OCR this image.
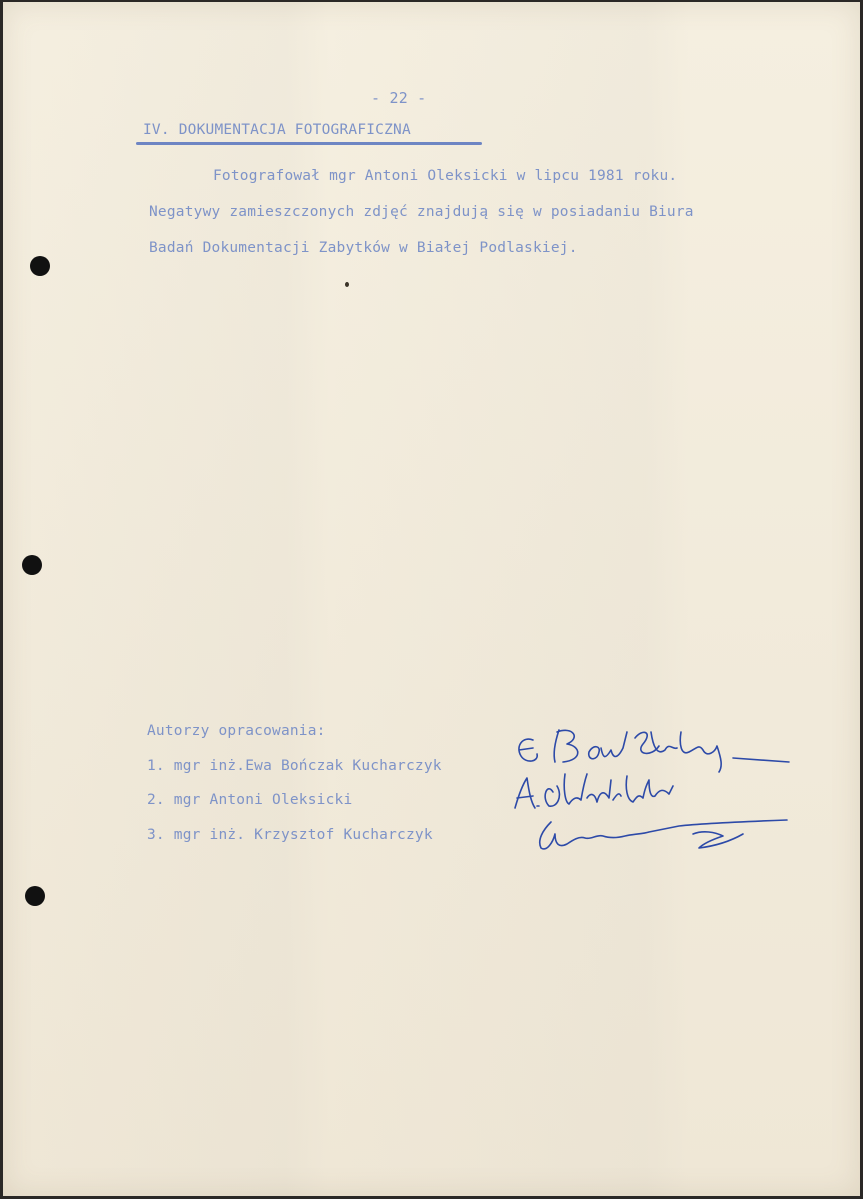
- 22 -
IV. DOKUMENTACJA FOTOGRAFICZNA
Fotografował mgr Antoni Oleksicki w lipcu 1981 roku.
Negatywy zamieszczonych zdjęć znajdują się w posiadaniu Biura
Badań Dokumentacji Zabytków w Białej Podlaskiej.
Autorzy opracowania:
1. mgr inż.Ewa Bończak Kucharczyk
2. mgr Antoni Oleksicki
3. mgr inż. Krzysztof Kucharczyk
